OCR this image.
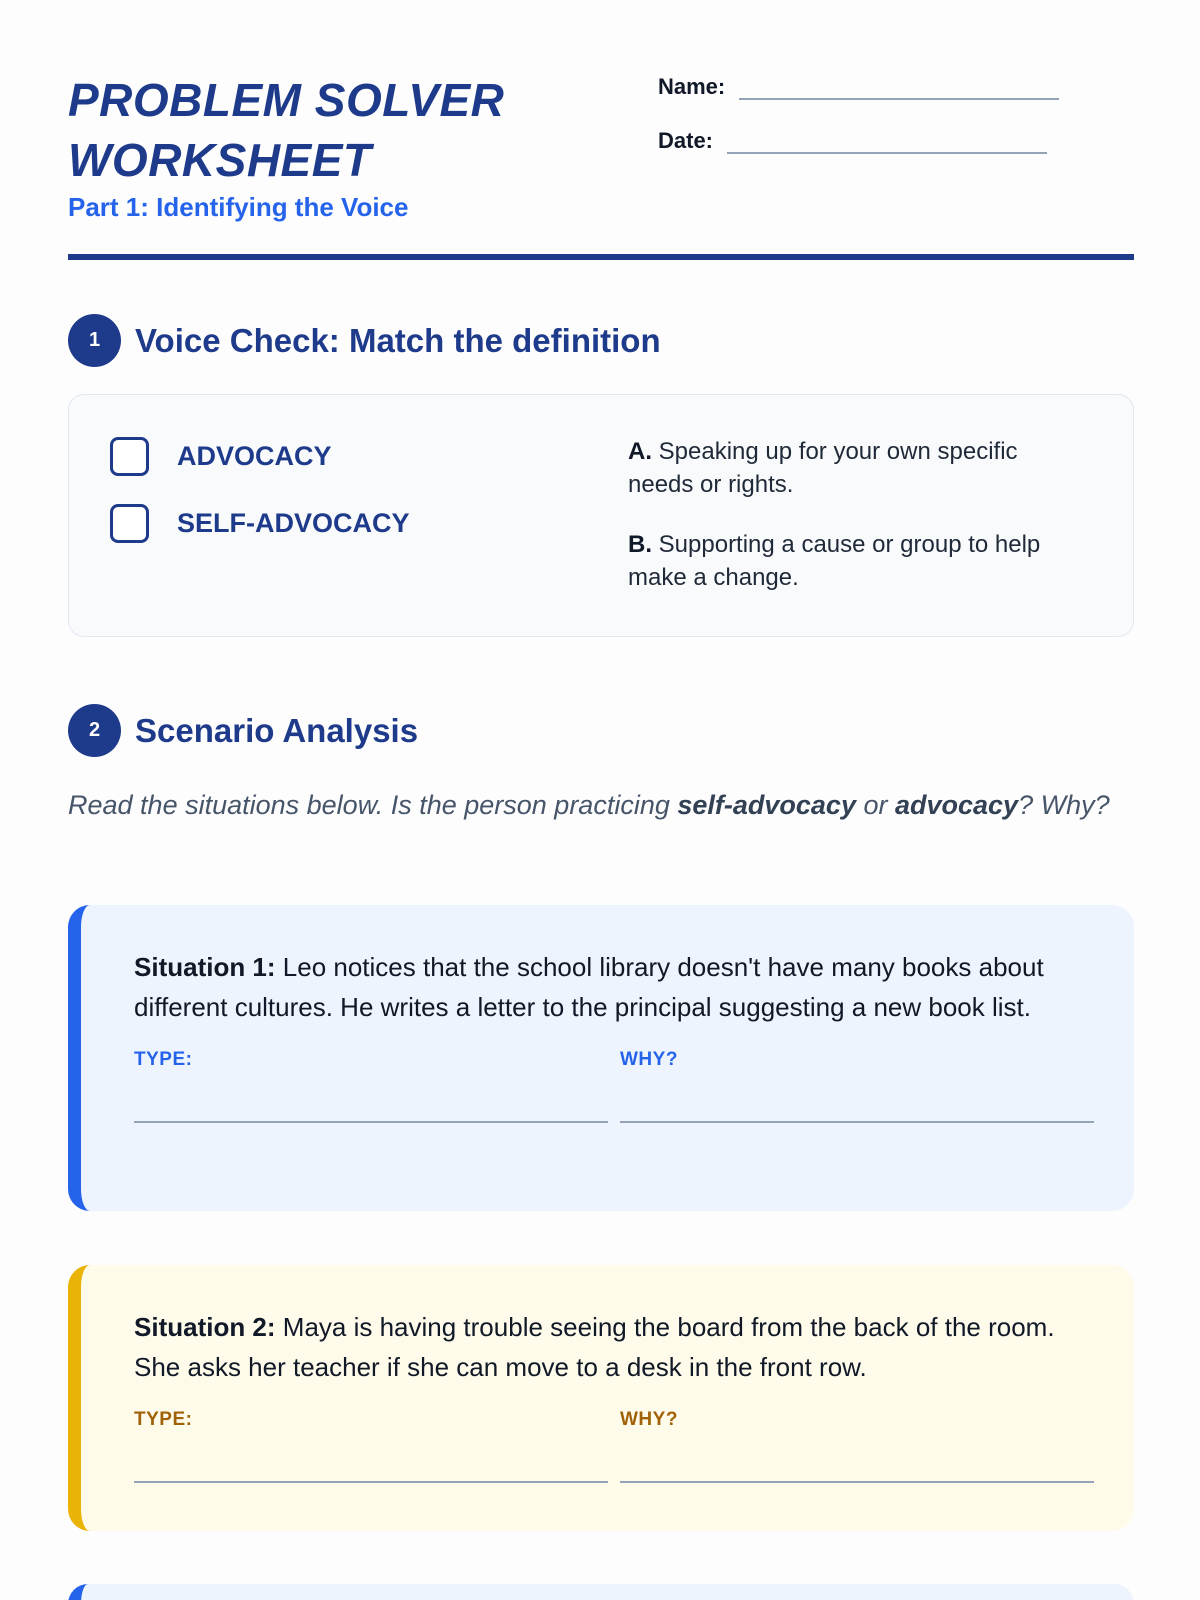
PROBLEM SOLVER
WORKSHEET
Part 1: Identifying the Voice
Name:
Date:
1	Voice Check: Match the definition
ADVOCACY
SELF-ADVOCACY
A. Speaking up for your own specific needs or rights.
B. Supporting a cause or group to help make a change.
2	Scenario Analysis
Read the situations below. Is the person practicing self-advocacy or advocacy? Why?
Situation 1: Leo notices that the school library doesn't have many books about different cultures. He writes a letter to the principal suggesting a new book list.
TYPE:	WHY?
Situation 2: Maya is having trouble seeing the board from the back of the room. She asks her teacher if she can move to a desk in the front row.
TYPE:	WHY?
